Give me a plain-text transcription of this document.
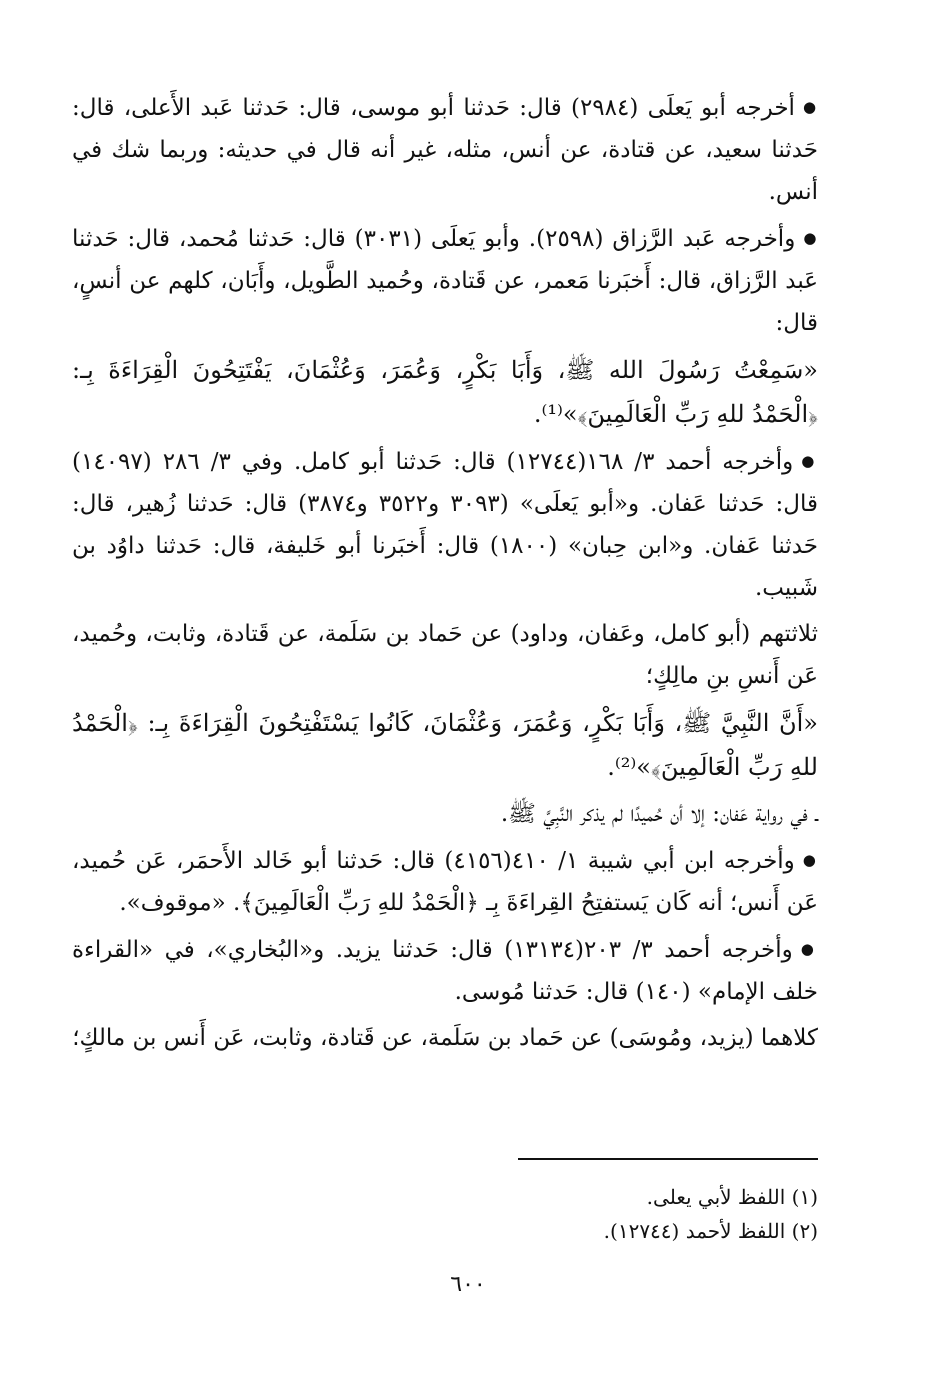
● أخرجه أبو يَعلَى (٢٩٨٤) قال: حَدثنا أبو موسى، قال: حَدثنا عَبد الأَعلى، قال: حَدثنا سعيد، عن قتادة، عن أنس، مثله، غير أنه قال في حديثه: وربما شك في أنس.

● وأخرجه عَبد الرَّزاق (٢٥٩٨). وأبو يَعلَى (٣٠٣١) قال: حَدثنا مُحمد، قال: حَدثنا عَبد الرَّزاق، قال: أَخبَرنا مَعمر، عن قَتادة، وحُميد الطَّويل، وأَبَان، كلهم عن أنسٍ، قال:

«سَمِعْتُ رَسُولَ الله ﷺ، وَأَبَا بَكْرٍ، وَعُمَرَ، وَعُثْمَانَ، يَفْتَتِحُونَ الْقِرَاءَةَ بِـ: ﴿الْحَمْدُ للهِ رَبِّ الْعَالَمِينَ﴾»⁽¹⁾.

● وأخرجه أحمد ٣/ ١٦٨(١٢٧٤٤) قال: حَدثنا أبو كامل. وفي ٣/ ٢٨٦ (١٤٠٩٧) قال: حَدثنا عَفان. و«أبو يَعلَى» (٣٠٩٣ و٣٥٢٢ و٣٨٧٤) قال: حَدثنا زُهير، قال: حَدثنا عَفان. و«ابن حِبان» (١٨٠٠) قال: أَخبَرنا أبو خَليفة، قال: حَدثنا داوُد بن شَبيب.

ثلاثتهم (أبو كامل، وعَفان، وداود) عن حَماد بن سَلَمة، عن قَتادة، وثابت، وحُميد، عَن أَنسِ بنِ مالِكٍ؛

«أَنَّ النَّبِيَّ ﷺ، وَأَبَا بَكْرٍ، وَعُمَرَ، وَعُثْمَانَ، كَانُوا يَسْتَفْتِحُونَ الْقِرَاءَةَ بِـ: ﴿الْحَمْدُ للهِ رَبِّ الْعَالَمِينَ﴾»⁽²⁾.

ـ في رواية عَفان: إلا أن حُميدًا لم يذكر النَّبِيَّ ﷺ.

● وأخرجه ابن أبي شيبة ١/ ٤١٠(٤١٥٦) قال: حَدثنا أبو خَالد الأَحمَر، عَن حُميد، عَن أَنس؛ أنه كَان يَستفتِحُ القِراءَةَ بِـ ﴿الْحَمْدُ للهِ رَبِّ الْعَالَمِينَ﴾. «موقوف».

● وأخرجه أحمد ٣/ ٢٠٣(١٣١٣٤) قال: حَدثنا يزيد. و«البُخاري»، في «القراءة خلف الإمام» (١٤٠) قال: حَدثنا مُوسى.

كلاهما (يزيد، ومُوسَى) عن حَماد بن سَلَمة، عن قَتادة، وثابت، عَن أَنس بن مالكٍ؛

(١) اللفظ لأبي يعلى.
(٢) اللفظ لأحمد (١٢٧٤٤).
٦٠٠
